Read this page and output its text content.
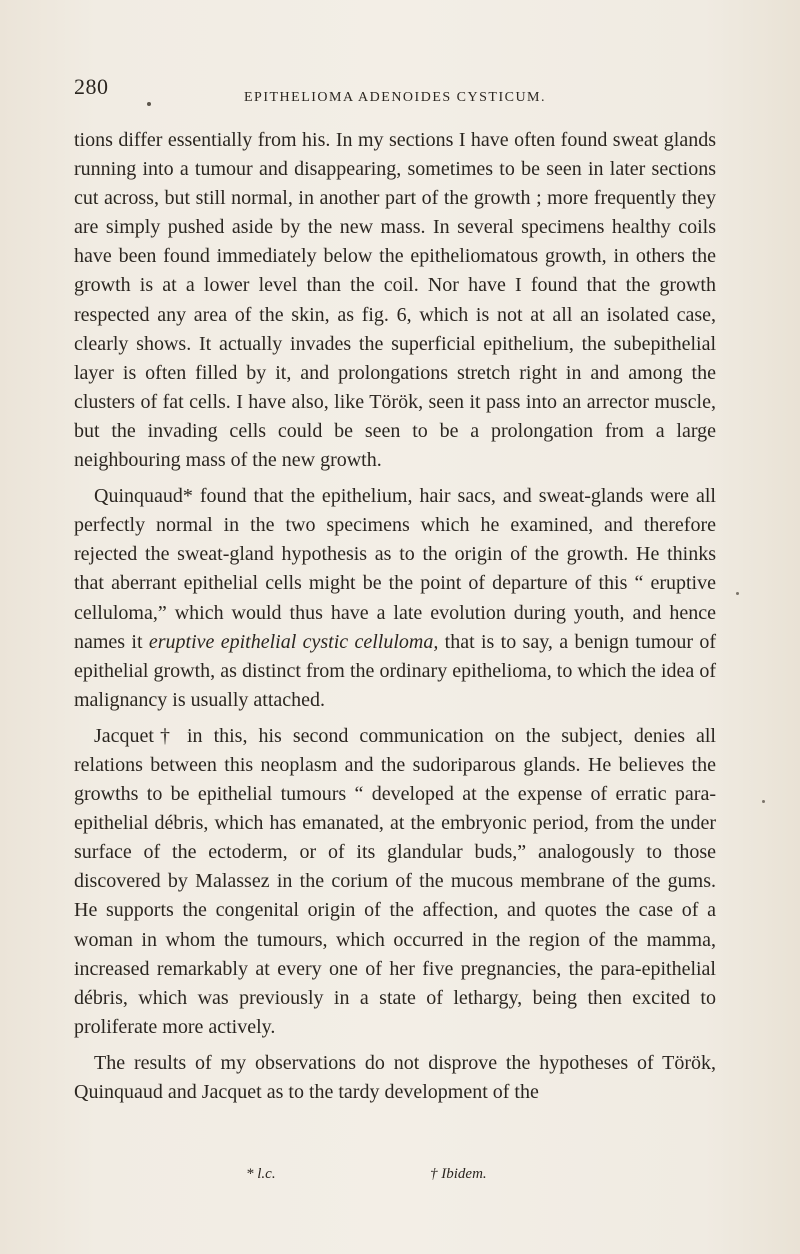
280	EPITHELIOMA ADENOIDES CYSTICUM.

tions differ essentially from his. In my sections I have often found sweat glands running into a tumour and disappearing, sometimes to be seen in later sections cut across, but still normal, in another part of the growth ; more frequently they are simply pushed aside by the new mass. In several specimens healthy coils have been found immediately below the epitheliomatous growth, in others the growth is at a lower level than the coil. Nor have I found that the growth respected any area of the skin, as fig. 6, which is not at all an isolated case, clearly shows. It actually invades the superficial epithelium, the subepithelial layer is often filled by it, and prolongations stretch right in and among the clusters of fat cells. I have also, like Török, seen it pass into an arrector muscle, but the invading cells could be seen to be a prolongation from a large neighbouring mass of the new growth.

Quinquaud* found that the epithelium, hair sacs, and sweat-glands were all perfectly normal in the two specimens which he examined, and therefore rejected the sweat-gland hypothesis as to the origin of the growth. He thinks that aberrant epithelial cells might be the point of departure of this “ eruptive celluloma,” which would thus have a late evolution during youth, and hence names it eruptive epithelial cystic celluloma, that is to say, a benign tumour of epithelial growth, as distinct from the ordinary epithelioma, to which the idea of malignancy is usually attached.

Jacquet† in this, his second communication on the subject, denies all relations between this neoplasm and the sudoriparous glands. He believes the growths to be epithelial tumours “ developed at the expense of erratic para-epithelial débris, which has emanated, at the embryonic period, from the under surface of the ectoderm, or of its glandular buds,” analogously to those discovered by Malassez in the corium of the mucous membrane of the gums. He supports the congenital origin of the affection, and quotes the case of a woman in whom the tumours, which occurred in the region of the mamma, increased remarkably at every one of her five pregnancies, the para-epithelial débris, which was previously in a state of lethargy, being then excited to proliferate more actively.

The results of my observations do not disprove the hypotheses of Török, Quinquaud and Jacquet as to the tardy development of the

* l.c.	† Ibidem.
